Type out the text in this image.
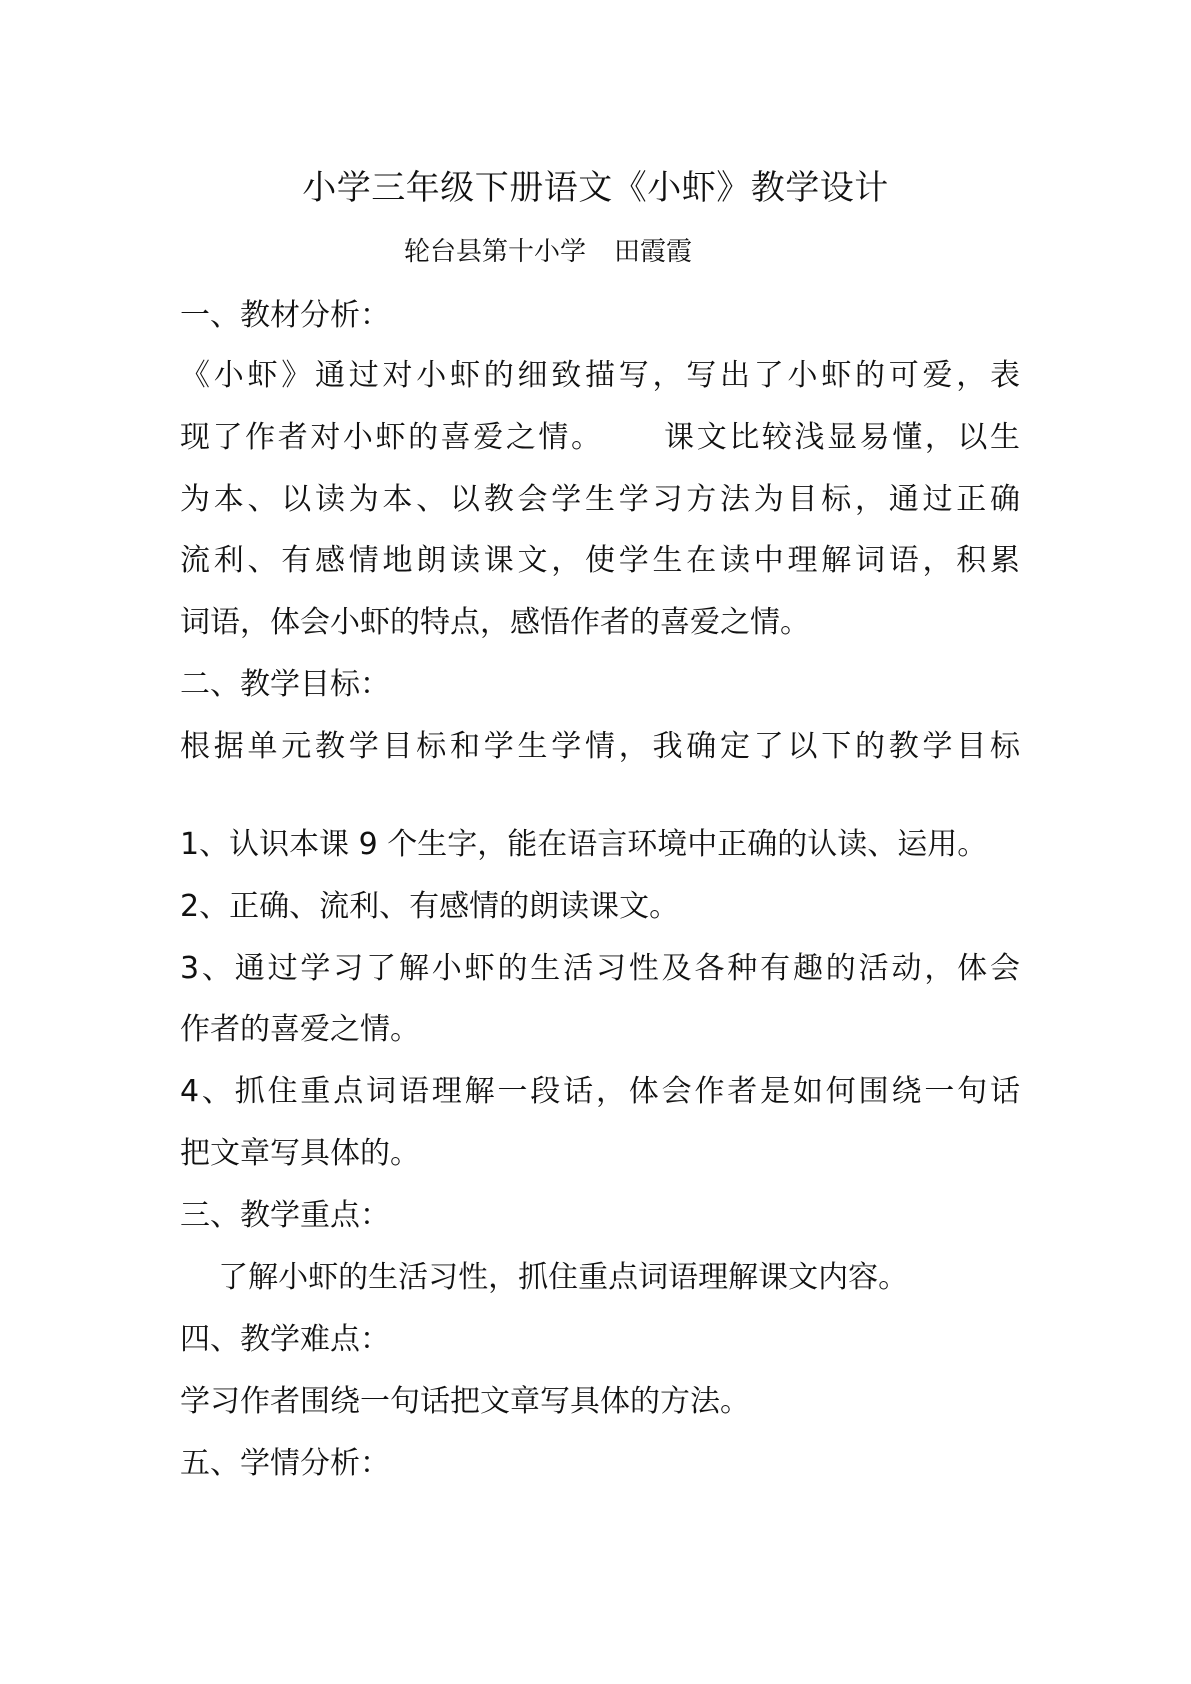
小学三年级下册语文《小虾》教学设计
轮台县第十小学 田霞霞
一、教材分析：
《小虾》通过对小虾的细致描写，写出了小虾的可爱，表
现了作者对小虾的喜爱之情。     课文比较浅显易懂，以生
为本、以读为本、以教会学生学习方法为目标，通过正确
流利、有感情地朗读课文，使学生在读中理解词语，积累
词语，体会小虾的特点，感悟作者的喜爱之情。
二、教学目标：
根据单元教学目标和学生学情，我确定了以下的教学目标
1、认识本课 9 个生字，能在语言环境中正确的认读、运用。
2、正确、流利、有感情的朗读课文。
3、通过学习了解小虾的生活习性及各种有趣的活动，体会
作者的喜爱之情。
4、抓住重点词语理解一段话，体会作者是如何围绕一句话
把文章写具体的。
三、教学重点：
了解小虾的生活习性，抓住重点词语理解课文内容。
四、教学难点：
学习作者围绕一句话把文章写具体的方法。
五、学情分析：
